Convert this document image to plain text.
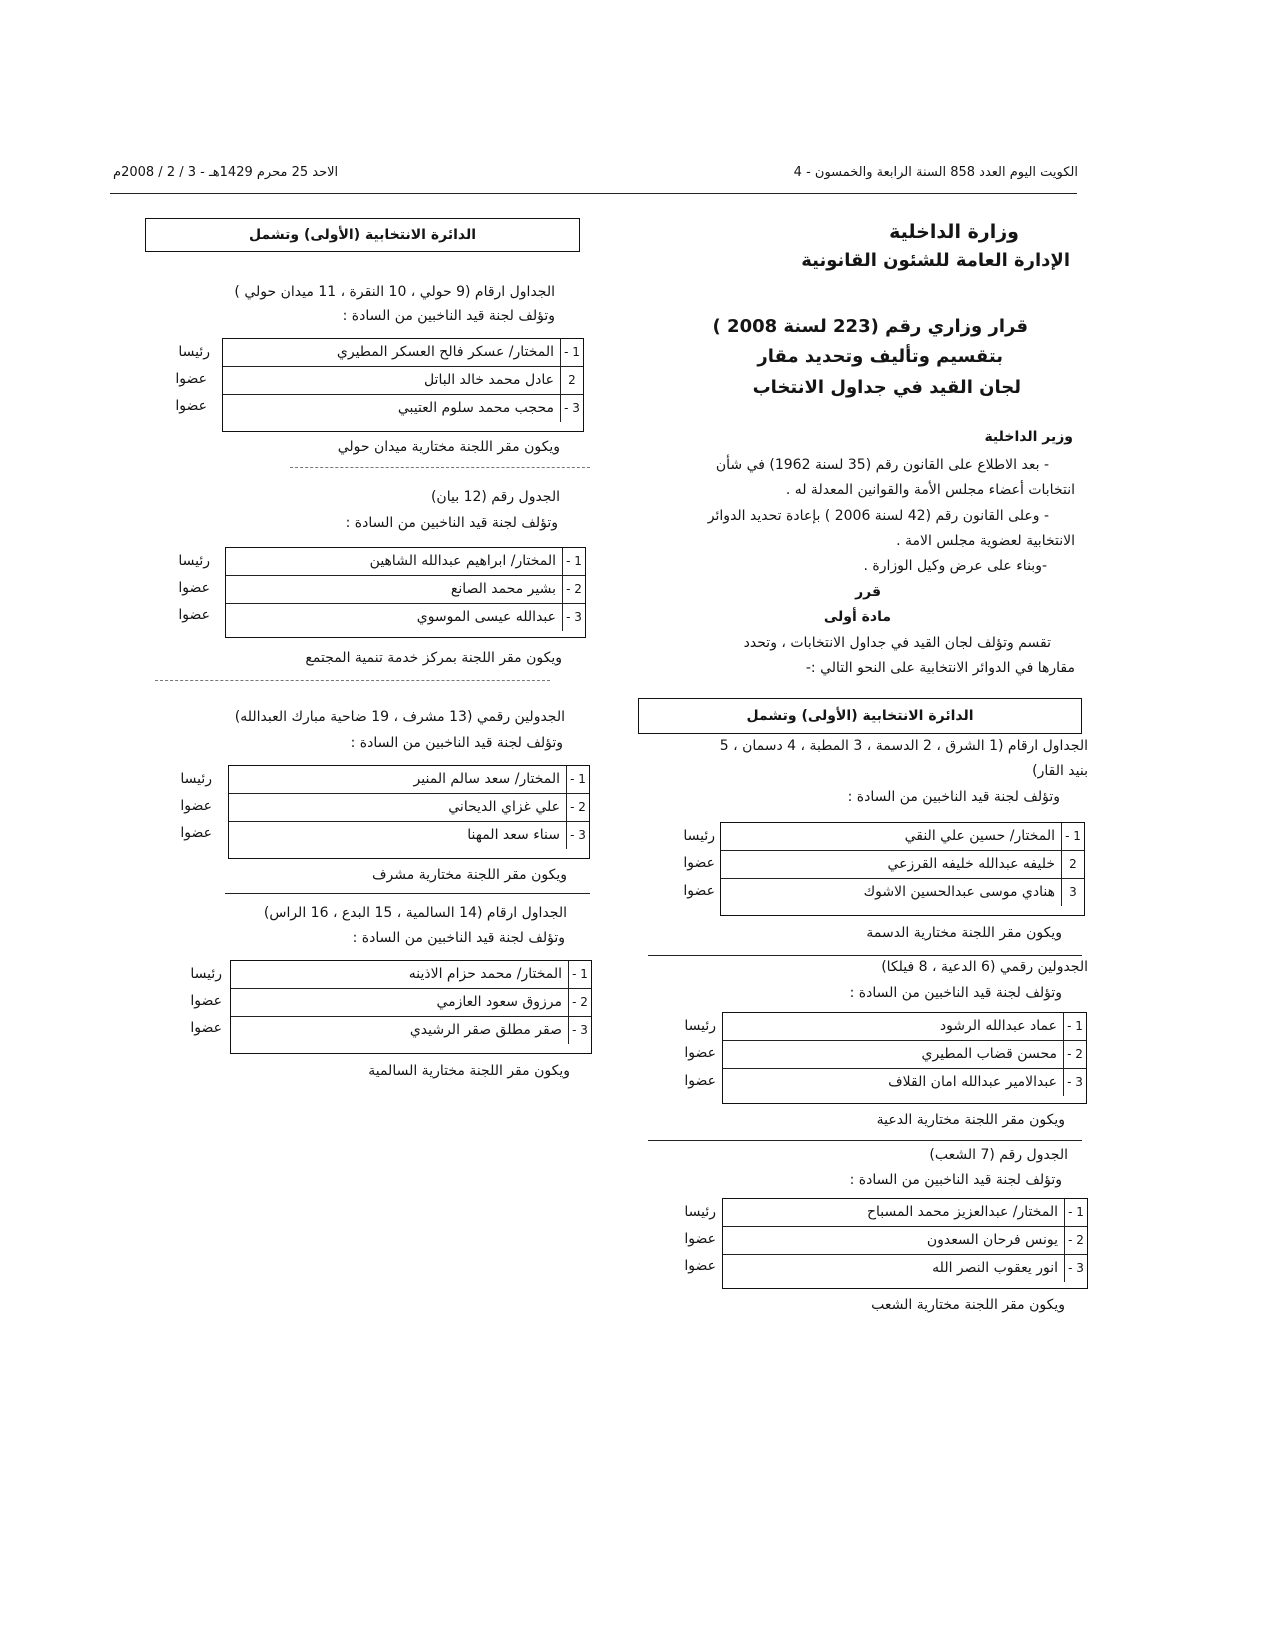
الكويت اليوم العدد 858 السنة الرابعة والخمسون - 4
الاحد 25 محرم 1429هـ - 3 / 2 / 2008م
وزارة الداخلية
الإدارة العامة للشئون القانونية
قرار وزاري رقم (223 لسنة 2008 )
بتقسيم وتأليف وتحديد مقار
لجان القيد في جداول الانتخاب
وزير الداخلية
- بعد الاطلاع على القانون رقم (35 لسنة 1962) في شأن
انتخابات أعضاء مجلس الأمة والقوانين المعدلة له .
- وعلى القانون رقم (42 لسنة 2006 ) بإعادة تحديد الدوائر
الانتخابية لعضوية مجلس الامة .
-وبناء على عرض وكيل الوزارة .
قرر
مادة أولى
تقسم وتؤلف لجان القيد في جداول الانتخابات ، وتحدد
مقارها في الدوائر الانتخابية على النحو التالي :-
الدائرة الانتخابية (الأولى) وتشمل
الجداول ارقام (1 الشرق ، 2 الدسمة ، 3 المطبة ، 4 دسمان ، 5
بنيد القار)
وتؤلف لجنة قيد الناخبين من السادة :
1 -
المختار/ حسين علي النقي
2
خليفه عبدالله خليفه القرزعي
3
هنادي موسى عبدالحسين الاشوك
رئيسا
عضوا
عضوا
ويكون مقر اللجنة مختارية الدسمة
الجدولين رقمي (6 الدعية ، 8 فيلكا)
وتؤلف لجنة قيد الناخبين من السادة :
1 -
عماد عبدالله الرشود
2 -
محسن قضاب المطيري
3 -
عبدالامير عبدالله امان القلاف
رئيسا
عضوا
عضوا
ويكون مقر اللجنة مختارية الدعية
الجدول رقم (7 الشعب)
وتؤلف لجنة قيد الناخبين من السادة :
1 -
المختار/ عبدالعزيز محمد المسباح
2 -
يونس فرحان السعدون
3 -
انور يعقوب النصر الله
رئيسا
عضوا
عضوا
ويكون مقر اللجنة مختارية الشعب
الدائرة الانتخابية (الأولى) وتشمل
الجداول ارقام (9 حولي ، 10 النقرة ، 11 ميدان حولي )
وتؤلف لجنة قيد الناخبين من السادة :
1 -
المختار/ عسكر فالح العسكر المطيري
2
عادل محمد خالد الباتل
3 -
محجب محمد سلوم العتيبي
رئيسا
عضوا
عضوا
ويكون مقر اللجنة مختارية ميدان حولي
الجدول رقم (12 بيان)
وتؤلف لجنة قيد الناخبين من السادة :
1 -
المختار/ ابراهيم عبدالله الشاهين
2 -
بشير محمد الصانع
3 -
عبدالله عيسى الموسوي
رئيسا
عضوا
عضوا
ويكون مقر اللجنة بمركز خدمة تنمية المجتمع
الجدولين رقمي (13 مشرف ، 19 ضاحية مبارك العبدالله)
وتؤلف لجنة قيد الناخبين من السادة :
1 -
المختار/ سعد سالم المنير
2 -
علي غزاي الديحاني
3 -
سناء سعد المهنا
رئيسا
عضوا
عضوا
ويكون مقر اللجنة مختارية مشرف
الجداول ارقام (14 السالمية ، 15 البدع ، 16 الراس)
وتؤلف لجنة قيد الناخبين من السادة :
1 -
المختار/ محمد حزام الاذينه
2 -
مرزوق سعود العازمي
3 -
صقر مطلق صقر الرشيدي
رئيسا
عضوا
عضوا
ويكون مقر اللجنة مختارية السالمية
